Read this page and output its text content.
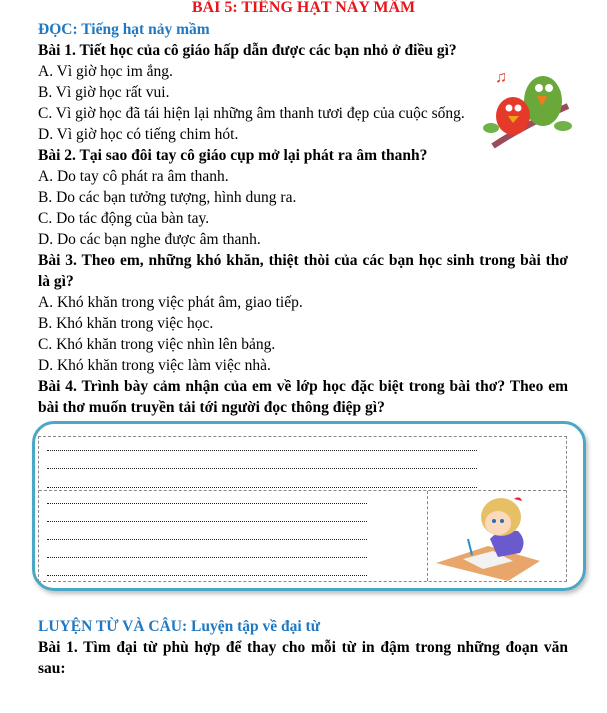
BÀI 5: TIẾNG HẠT NẢY MẦM
ĐỌC: Tiếng hạt nảy mầm
Bài 1. Tiết học của cô giáo hấp dẫn được các bạn nhỏ ở điều gì?
A. Vì giờ học im ắng.
B. Vì giờ học rất vui.
C. Vì giờ học đã tái hiện lại những âm thanh tươi đẹp của cuộc sống.
D. Vì giờ học có tiếng chim hót.
♫
Bài 2. Tại sao đôi tay cô giáo cụp mở lại phát ra âm thanh?
A. Do tay cô phát ra âm thanh.
B. Do các bạn tưởng tượng, hình dung ra.
C. Do tác động của bàn tay.
D. Do các bạn nghe được âm thanh.
Bài 3. Theo em, những khó khăn, thiệt thòi của các bạn học sinh trong bài thơ
là gì?
A. Khó khăn trong việc phát âm, giao tiếp.
B. Khó khăn trong việc học.
C. Khó khăn trong việc nhìn lên bảng.
D. Khó khăn trong việc làm việc nhà.
Bài 4. Trình bày cảm nhận của em về lớp học đặc biệt trong bài thơ? Theo em
bài thơ muốn truyền tải tới người đọc thông điệp gì?
LUYỆN TỪ VÀ CÂU: Luyện tập về đại từ
Bài 1. Tìm đại từ phù hợp để thay cho mỗi từ in đậm trong những đoạn văn
sau:
